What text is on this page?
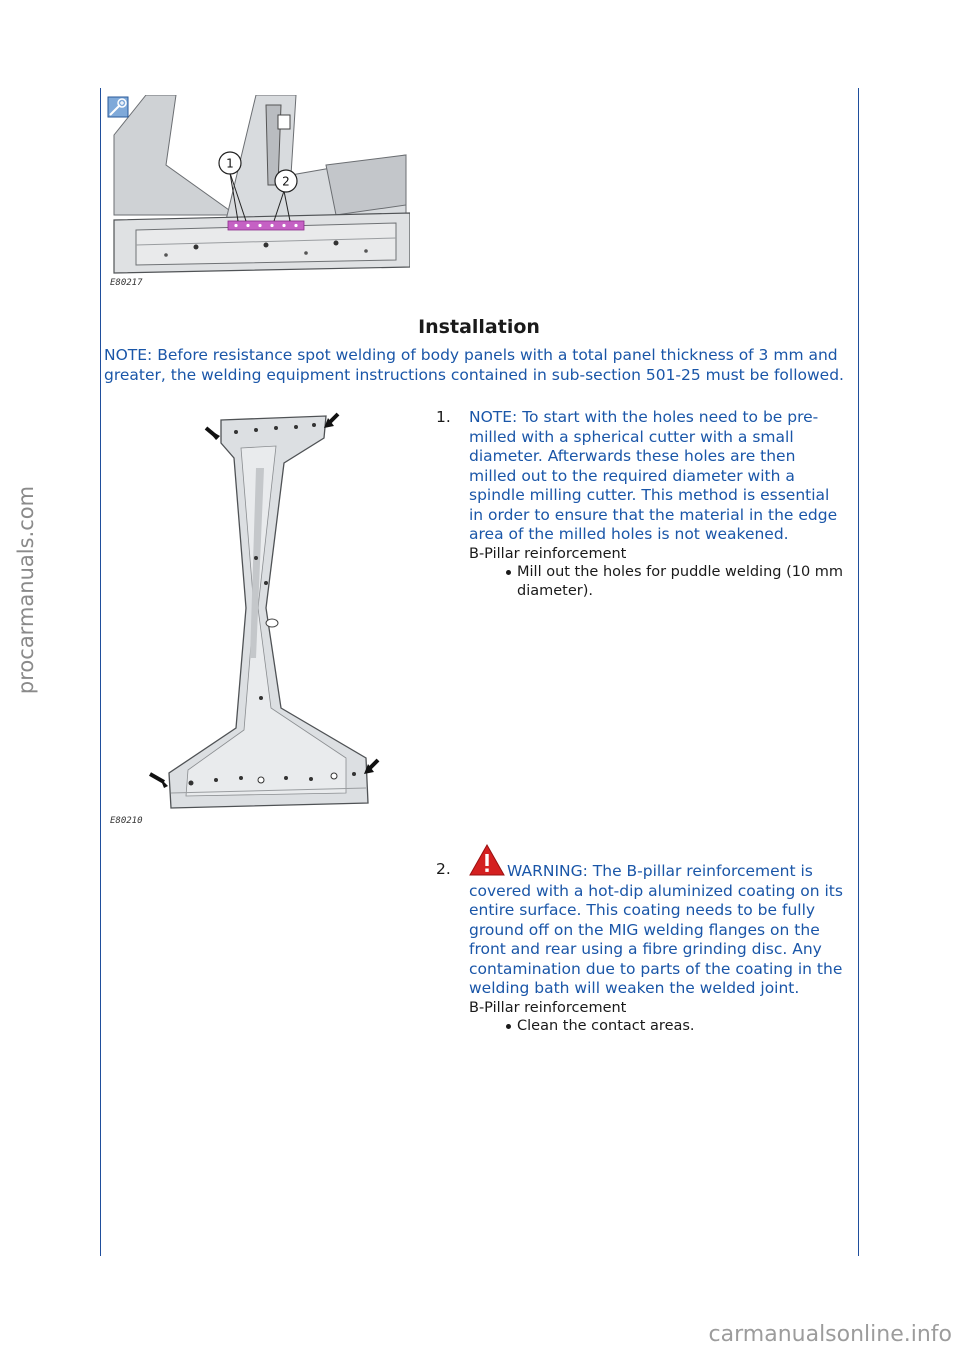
procarmanuals.com
1
2
E80217
Installation
NOTE: Before resistance spot welding of body panels with a total panel thickness of 3 mm and greater, the welding equipment instructions contained in sub-section 501-25 must be followed.
E80210
1. NOTE: To start with the holes need to be pre-milled with a spherical cutter with a small diameter. Afterwards these holes are then milled out to the required diameter with a spindle milling cutter. This method is essential in order to ensure that the material in the edge area of the milled holes is not weakened.
B-Pillar reinforcement
Mill out the holes for puddle welding (10 mm diameter).
2.	WARNING: The B-pillar reinforcement is covered with a hot-dip aluminized coating on its entire surface. This coating needs to be fully ground off on the MIG welding flanges on the front and rear using a fibre grinding disc. Any contamination due to parts of the coating in the welding bath will weaken the welded joint.
B-Pillar reinforcement
Clean the contact areas.
carmanualsonline.info
